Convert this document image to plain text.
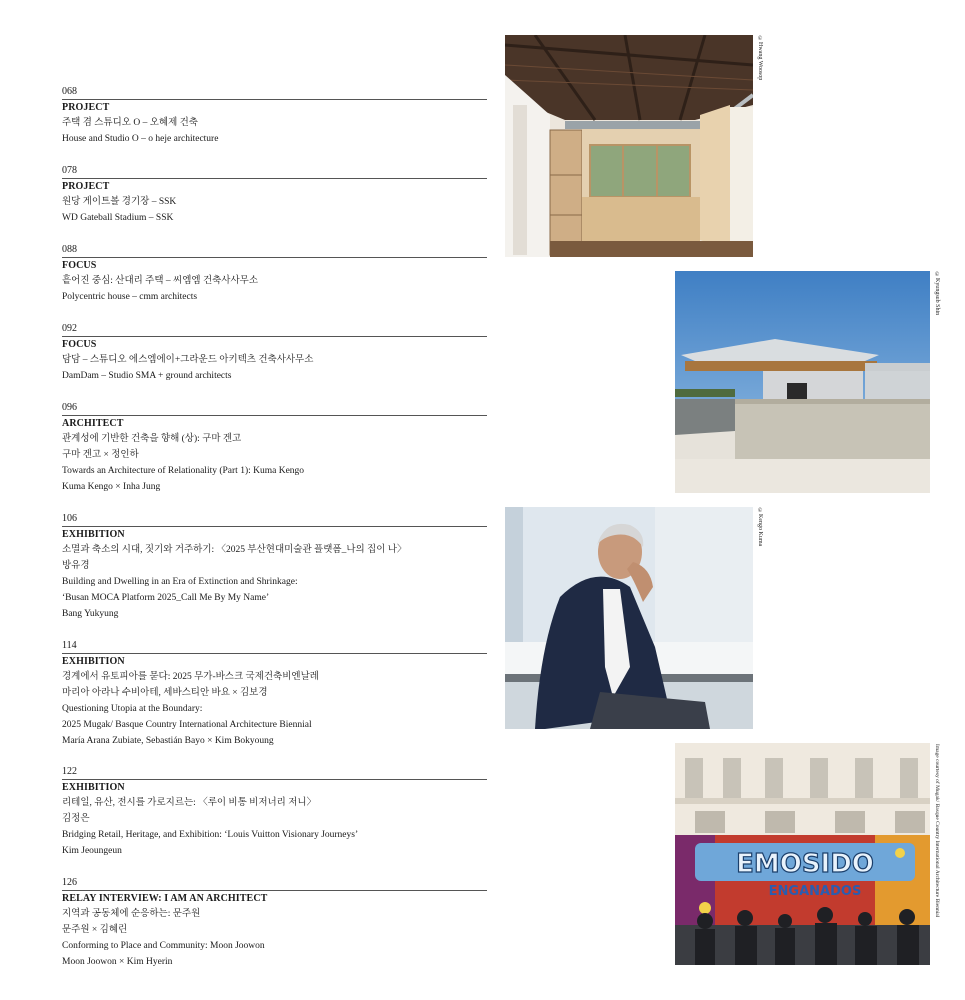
068
PROJECT
주택 겸 스튜디오 O – 오혜제 건축
House and Studio O – o heje architecture
078
PROJECT
원당 게이트볼 경기장 – SSK
WD Gateball Stadium – SSK
088
FOCUS
흩어진 중심: 산대리 주택 – 씨엠엠 건축사사무소
Polycentric house – cmm architects
092
FOCUS
담담 – 스튜디오 에스엠에이+그라운드 아키텍츠 건축사사무소
DamDam – Studio SMA + ground architects
096
ARCHITECT
관계성에 기반한 건축을 향해 (상): 구마 겐고
구마 겐고 × 정인하
Towards an Architecture of Relationality (Part 1): Kuma Kengo
Kuma Kengo × Inha Jung
106
EXHIBITION
소멸과 축소의 시대, 짓기와 거주하기: 〈2025 부산현대미술관 플랫폼_나의 집이 나〉
방유경
Building and Dwelling in an Era of Extinction and Shrinkage:
‘Busan MOCA Platform 2025_Call Me By My Name’
Bang Yukyung
114
EXHIBITION
경계에서 유토피아를 묻다: 2025 무가-바스크 국제건축비엔날레
마리아 아라나 수비아테, 세바스티안 바요 × 김보경
Questioning Utopia at the Boundary:
2025 Mugak/ Basque Country International Architecture Biennial
María Arana Zubiate, Sebastián Bayo × Kim Bokyoung
122
EXHIBITION
리테일, 유산, 전시를 가로지르는: 〈루이 비통 비저너리 저니〉
김정은
Bridging Retail, Heritage, and Exhibition: ‘Louis Vuitton Visionary Journeys’
Kim Jeoungeun
126
RELAY INTERVIEW: I AM AN ARCHITECT
지역과 공동체에 순응하는: 문주원
문주원 × 김혜린
Conforming to Place and Community: Moon Joowon
Moon Joowon × Kim Hyerin
©Hwang Woosop
©Kyungsub Shin
©Kengo Kuma
EMOSIDO
ENGANADOS	Image courtesy of Mugak/ Basque Country International Architecture Biennial
